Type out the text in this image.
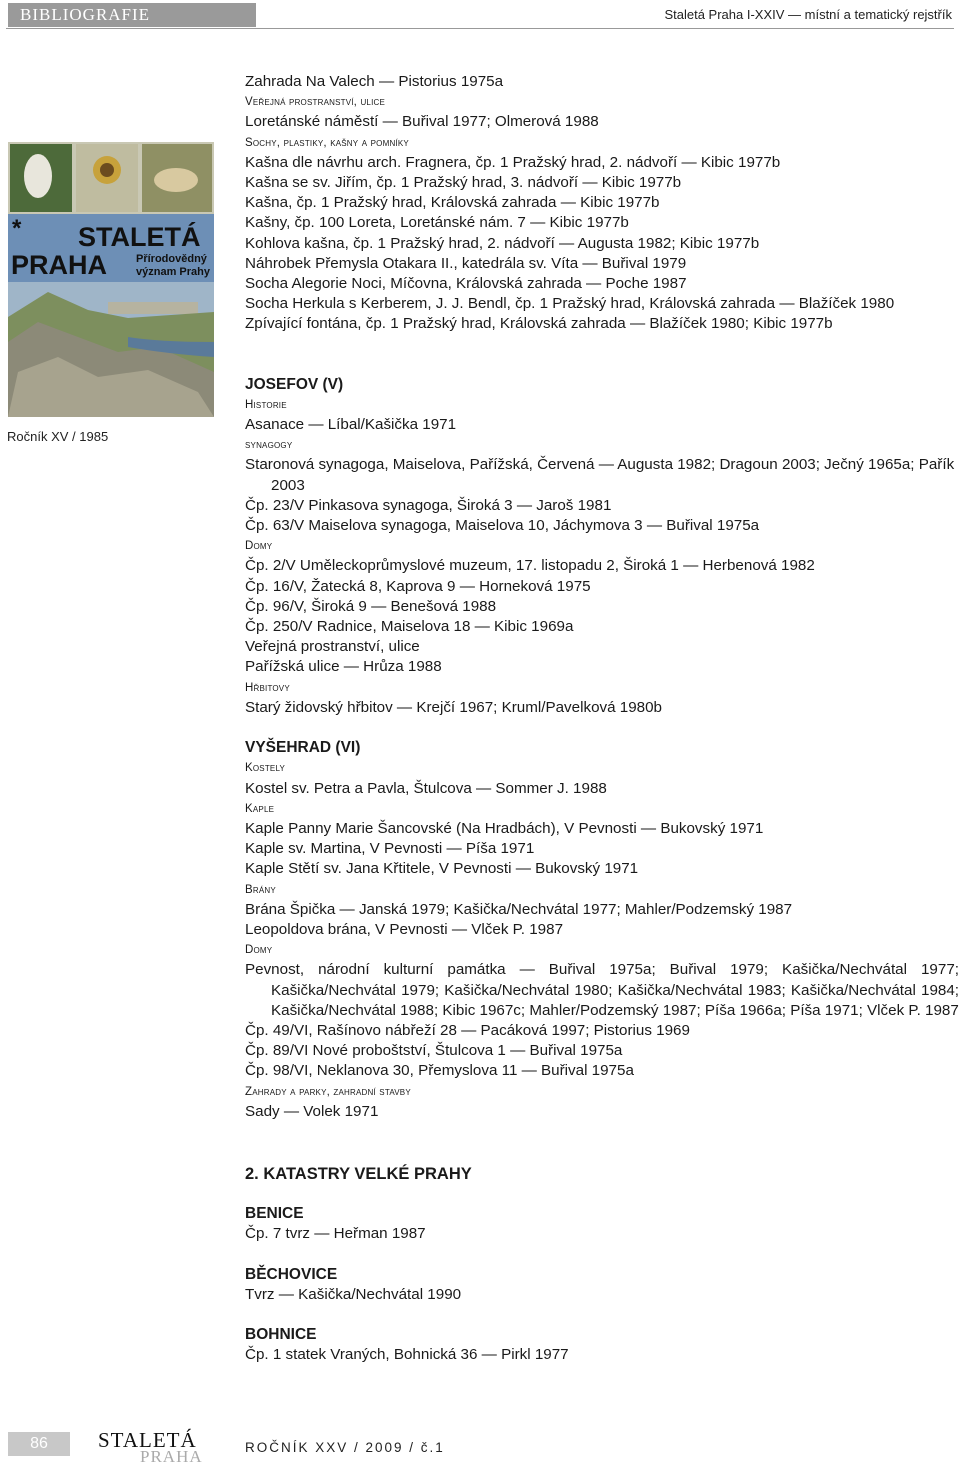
BIBLIOGRAFIE	Staletá Praha I-XXIV — místní a tematický rejstřík
* STALETÁ
PRAHA	Přírodovědný
význam Prahy
Ročník XV / 1985
Zahrada Na Valech — Pistorius 1975a
Veřejná prostranství, ulice
Loretánské náměstí — Buřival 1977; Olmerová 1988
Sochy, plastiky, kašny a pomníky
Kašna dle návrhu arch. Fragnera, čp. 1 Pražský hrad, 2. nádvoří — Kibic 1977b
Kašna se sv. Jiřím, čp. 1 Pražský hrad, 3. nádvoří — Kibic 1977b
Kašna, čp. 1 Pražský hrad, Královská zahrada — Kibic 1977b
Kašny, čp. 100 Loreta, Loretánské nám. 7 — Kibic 1977b
Kohlova kašna, čp. 1 Pražský hrad, 2. nádvoří — Augusta 1982; Kibic 1977b
Náhrobek Přemysla Otakara II., katedrála sv. Víta — Buřival 1979
Socha Alegorie Noci, Míčovna, Královská zahrada — Poche 1987
Socha Herkula s Kerberem, J. J. Bendl, čp. 1 Pražský hrad, Královská zahrada — Blažíček 1980
Zpívající fontána, čp. 1 Pražský hrad, Královská zahrada — Blažíček 1980; Kibic 1977b
JOSEFOV (V)
Historie
Asanace — Líbal/Kašička 1971
synagogy
Staronová synagoga, Maiselova, Pařížská, Červená — Augusta 1982; Dragoun 2003; Ječný 1965a; Pařík 2003
Čp. 23/V Pinkasova synagoga, Široká 3 — Jaroš 1981
Čp. 63/V Maiselova synagoga, Maiselova 10, Jáchymova 3 — Buřival 1975a
Domy
Čp. 2/V Uměleckoprůmyslové muzeum, 17. listopadu 2, Široká 1 — Herbenová 1982
Čp. 16/V, Žatecká 8, Kaprova 9 — Horneková 1975
Čp. 96/V, Široká 9 — Benešová 1988
Čp. 250/V Radnice, Maiselova 18 — Kibic 1969a
Veřejná prostranství, ulice
Pařížská ulice — Hrůza 1988
Hřbitovy
Starý židovský hřbitov — Krejčí 1967; Kruml/Pavelková 1980b
VYŠEHRAD (VI)
Kostely
Kostel sv. Petra a Pavla, Štulcova — Sommer J. 1988
Kaple
Kaple Panny Marie Šancovské (Na Hradbách), V Pevnosti — Bukovský 1971
Kaple sv. Martina, V Pevnosti — Píša 1971
Kaple Stětí sv. Jana Křtitele, V Pevnosti — Bukovský 1971
Brány
Brána Špička — Janská 1979; Kašička/Nechvátal 1977; Mahler/Podzemský 1987
Leopoldova brána, V Pevnosti — Vlček P. 1987
Domy
Pevnost, národní kulturní památka — Buřival 1975a; Buřival 1979; Kašička/Nechvátal 1977; Kašička/Nechvátal 1979; Kašička/Nechvátal 1980; Kašička/Nechvátal 1983; Kašička/Nechvátal 1984; Kašička/Nechvátal 1988; Kibic 1967c; Mahler/Podzemský 1987; Píša 1966a; Píša 1971; Vlček P. 1987
Čp. 49/VI, Rašínovo nábřeží 28 — Pacáková 1997; Pistorius 1969
Čp. 89/VI Nové proboštství, Štulcova 1 — Buřival 1975a
Čp. 98/VI, Neklanova 30, Přemyslova 11 — Buřival 1975a
Zahrady a parky, zahradní stavby
Sady — Volek 1971
2. KATASTRY VELKÉ PRAHY
BENICE
Čp. 7 tvrz — Heřman 1987
BĚCHOVICE
Tvrz — Kašička/Nechvátal 1990
BOHNICE
Čp. 1 statek Vraných, Bohnická 36 — Pirkl 1977
86	STALETÁ
PRAHA	ROČNÍK XXV / 2009 / č.1
